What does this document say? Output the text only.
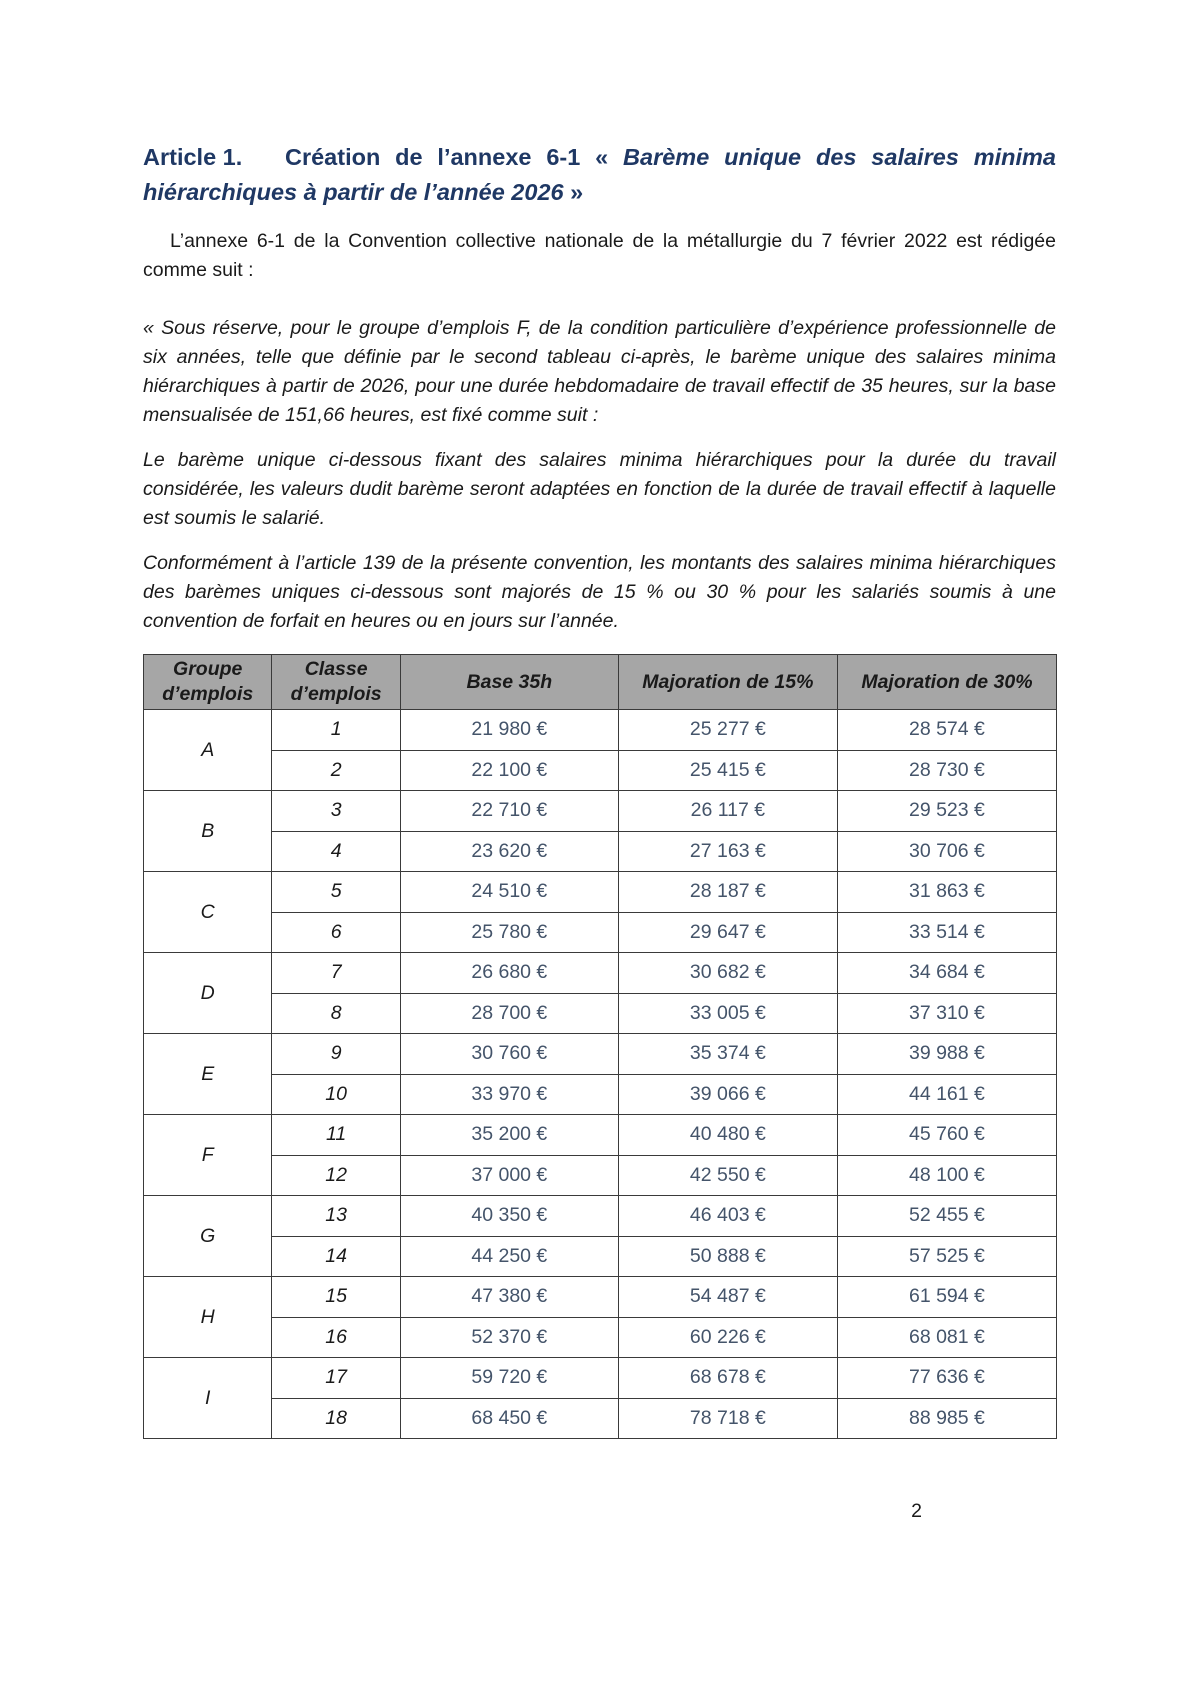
Article 1. Création de l’annexe 6-1 « Barème unique des salaires minima hiérarchiques à partir de l’année 2026 »

L’annexe 6-1 de la Convention collective nationale de la métallurgie du 7 février 2022 est rédigée comme suit :

« Sous réserve, pour le groupe d’emplois F, de la condition particulière d’expérience professionnelle de six années, telle que définie par le second tableau ci-après, le barème unique des salaires minima hiérarchiques à partir de 2026, pour une durée hebdomadaire de travail effectif de 35 heures, sur la base mensualisée de 151,66 heures, est fixé comme suit :

Le barème unique ci-dessous fixant des salaires minima hiérarchiques pour la durée du travail considérée, les valeurs dudit barème seront adaptées en fonction de la durée de travail effectif à laquelle est soumis le salarié.

Conformément à l’article 139 de la présente convention, les montants des salaires minima hiérarchiques des barèmes uniques ci-dessous sont majorés de 15 % ou 30 % pour les salariés soumis à une convention de forfait en heures ou en jours sur l’année.

Groupe d’emplois	Classe d’emplois	Base 35h	Majoration de 15%	Majoration de 30%
A	1	21 980 €	25 277 €	28 574 €
	2	22 100 €	25 415 €	28 730 €
B	3	22 710 €	26 117 €	29 523 €
	4	23 620 €	27 163 €	30 706 €
C	5	24 510 €	28 187 €	31 863 €
	6	25 780 €	29 647 €	33 514 €
D	7	26 680 €	30 682 €	34 684 €
	8	28 700 €	33 005 €	37 310 €
E	9	30 760 €	35 374 €	39 988 €
	10	33 970 €	39 066 €	44 161 €
F	11	35 200 €	40 480 €	45 760 €
	12	37 000 €	42 550 €	48 100 €
G	13	40 350 €	46 403 €	52 455 €
	14	44 250 €	50 888 €	57 525 €
H	15	47 380 €	54 487 €	61 594 €
	16	52 370 €	60 226 €	68 081 €
I	17	59 720 €	68 678 €	77 636 €
	18	68 450 €	78 718 €	88 985 €
2
